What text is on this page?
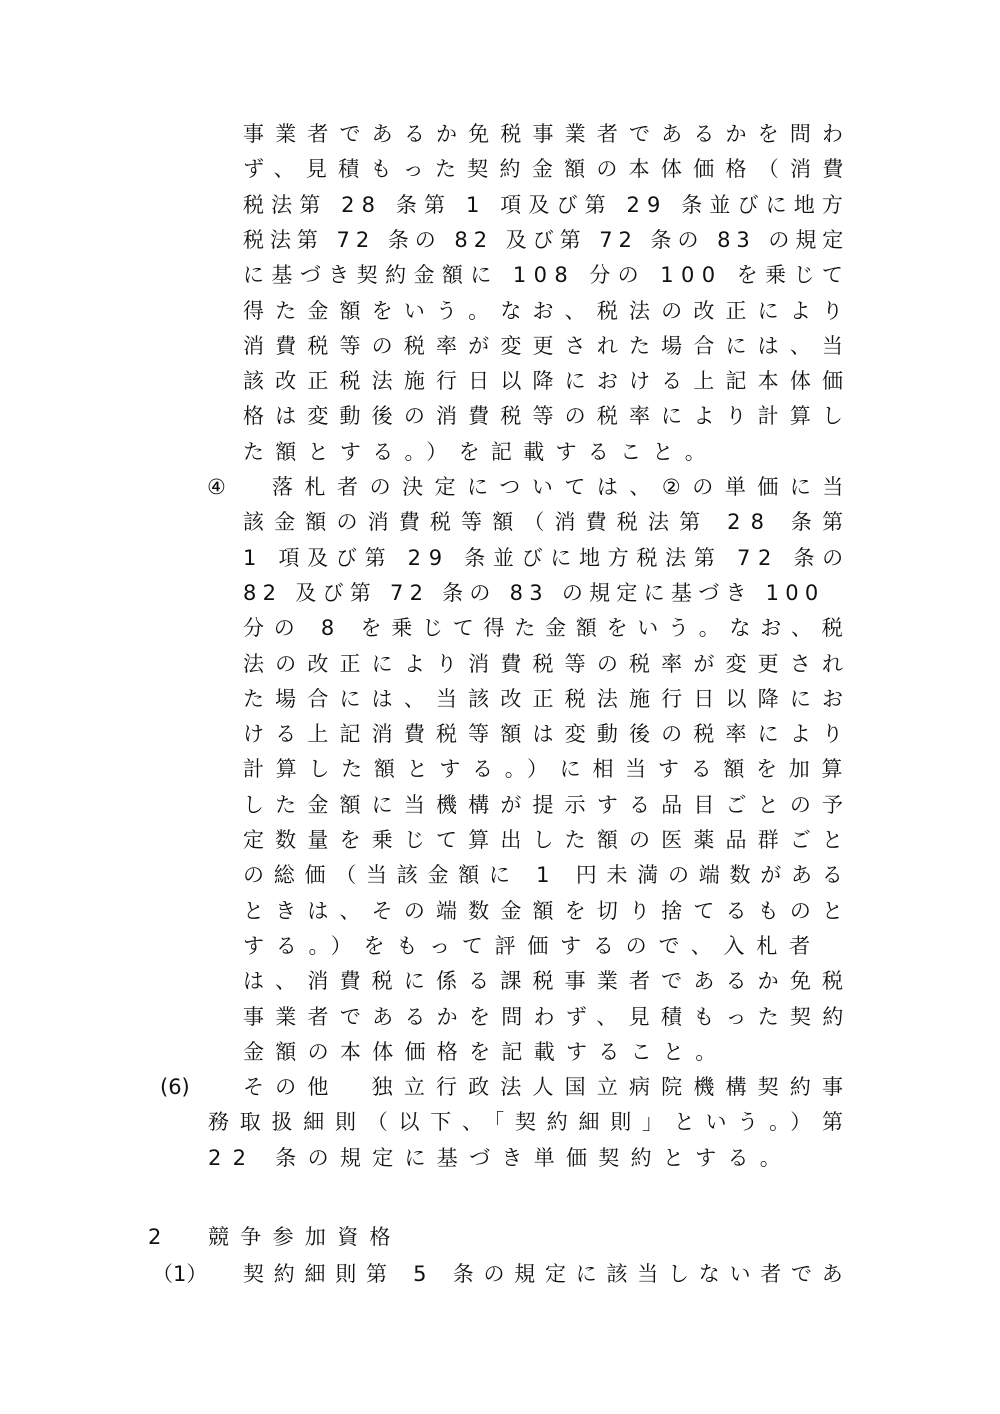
事業者であるか免税事業者であるかを問わ
ず、見積もった契約金額の本体価格（消費
税法第 28 条第 1 項及び第 29 条並びに地方
税法第 72 条の 82 及び第 72 条の 83 の規定
に基づき契約金額に 108 分の 100 を乗じて
得た金額をいう。なお、税法の改正により
消費税等の税率が変更された場合には、当
該改正税法施行日以降における上記本体価
格は変動後の消費税等の税率により計算し
た額とする。）を記載すること。
④ 落札者の決定については、②の単価に当
該金額の消費税等額（消費税法第 28 条第
1 項及び第 29 条並びに地方税法第 72 条の
82 及び第 72 条の 83 の規定に基づき 100
分の 8 を乗じて得た金額をいう。なお、税
法の改正により消費税等の税率が変更され
た場合には、当該改正税法施行日以降にお
ける上記消費税等額は変動後の税率により
計算した額とする。）に相当する額を加算
した金額に当機構が提示する品目ごとの予
定数量を乗じて算出した額の医薬品群ごと
の総価（当該金額に 1 円未満の端数がある
ときは、その端数金額を切り捨てるものと
する。）をもって評価するので、入札者
は、消費税に係る課税事業者であるか免税
事業者であるかを問わず、見積もった契約
金額の本体価格を記載すること。
(6)	その他　独立行政法人国立病院機構契約事
務取扱細則（以下、「契約細則」という。）第
22 条の規定に基づき単価契約とする。
2 競争参加資格
（1） 契約細則第 5 条の規定に該当しない者であ
